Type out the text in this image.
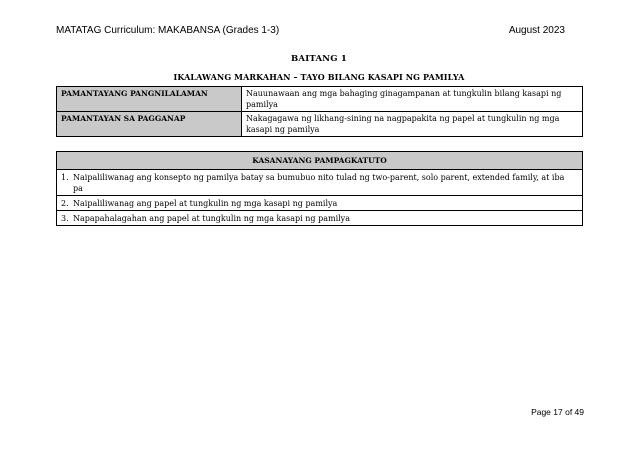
MATATAG Curriculum: MAKABANSA (Grades 1-3)	August 2023
BAITANG 1
IKALAWANG MARKAHAN – TAYO BILANG KASAPI NG PAMILYA
PAMANTAYANG PANGNILALAMAN	Nauunawaan ang mga bahaging ginagampanan at tungkulin bilang kasapi ng pamilya
PAMANTAYAN SA PAGGANAP	Nakagagawa ng likhang-sining na nagpapakita ng papel at tungkulin ng mga kasapi ng pamilya
KASANAYANG PAMPAGKATUTO
1. Naipaliliwanag ang konsepto ng pamilya batay sa bumubuo nito tulad ng two-parent, solo parent, extended family, at iba pa
2. Naipaliliwanag ang papel at tungkulin ng mga kasapi ng pamilya
3. Napapahalagahan ang papel at tungkulin ng mga kasapi ng pamilya
Page 17 of 49
